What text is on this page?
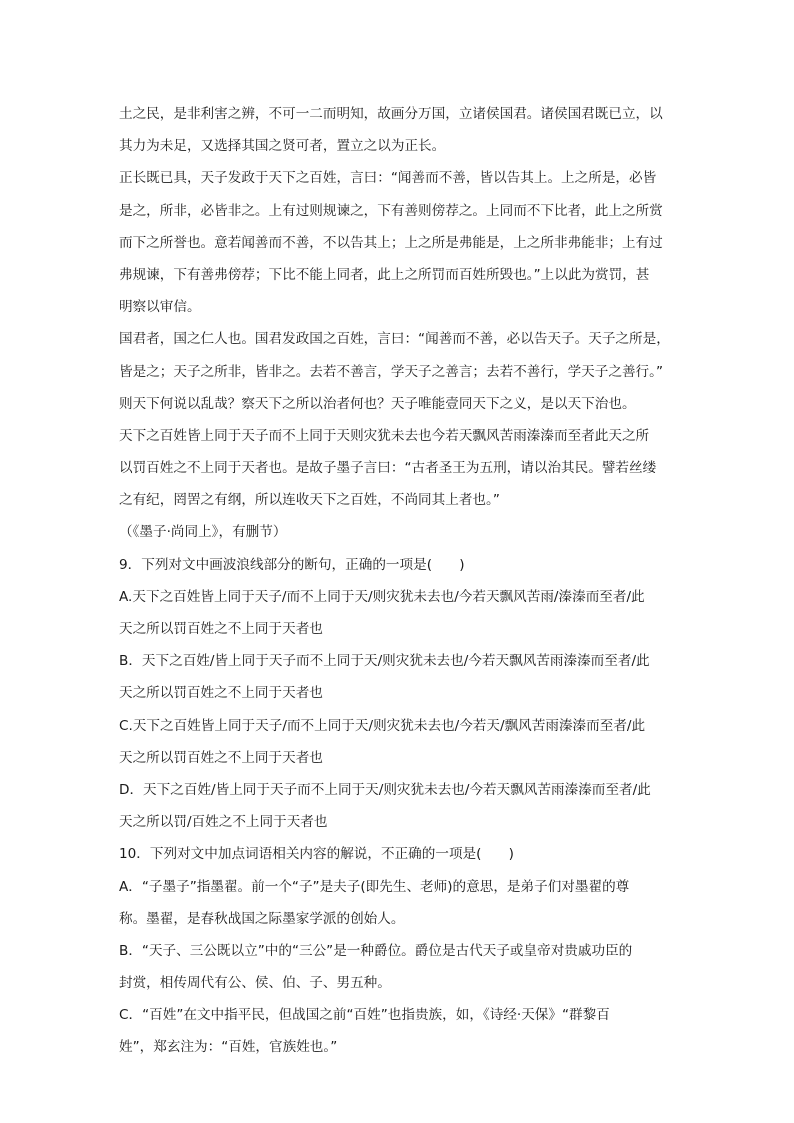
土之民，是非利害之辨，不可一二而明知，故画分万国，立诸侯国君。诸侯国君既已立，以
其力为未足，又选择其国之贤可者，置立之以为正长。
正长既已具，天子发政于天下之百姓，言曰：“闻善而不善，皆以告其上。上之所是，必皆
是之，所非，必皆非之。上有过则规谏之，下有善则傍荐之。上同而不下比者，此上之所赏
而下之所誉也。意若闻善而不善，不以告其上；上之所是弗能是，上之所非弗能非；上有过
弗规谏，下有善弗傍荐；下比不能上同者，此上之所罚而百姓所毁也。”上以此为赏罚，甚
明察以审信。
国君者，国之仁人也。国君发政国之百姓，言曰：“闻善而不善，必以告天子。天子之所是，
皆是之；天子之所非，皆非之。去若不善言，学天子之善言；去若不善行，学天子之善行。”
则天下何说以乱哉？察天下之所以治者何也？天子唯能壹同天下之义，是以天下治也。
天下之百姓皆上同于天子而不上同于天则灾犹未去也今若天飘风苦雨溱溱而至者此天之所
以罚百姓之不上同于天者也。是故子墨子言曰：“古者圣王为五刑，请以治其民。譬若丝缕
之有纪，罔罟之有纲，所以连收天下之百姓，不尚同其上者也。”
（《墨子·尚同上》，有删节）
9．下列对文中画波浪线部分的断句，正确的一项是(　　)
A.天下之百姓皆上同于天子/而不上同于天/则灾犹未去也/今若天飘风苦雨/溱溱而至者/此
天之所以罚百姓之不上同于天者也
B．天下之百姓/皆上同于天子而不上同于天/则灾犹未去也/今若天飘风苦雨溱溱而至者/此
天之所以罚百姓之不上同于天者也
C.天下之百姓皆上同于天子/而不上同于天/则灾犹未去也/今若天/飘风苦雨溱溱而至者/此
天之所以罚百姓之不上同于天者也
D．天下之百姓/皆上同于天子而不上同于天/则灾犹未去也/今若天飘风苦雨溱溱而至者/此
天之所以罚/百姓之不上同于天者也
10．下列对文中加点词语相关内容的解说，不正确的一项是(　　)
A．“子墨子”指墨翟。前一个“子”是夫子(即先生、老师)的意思，是弟子们对墨翟的尊
称。墨翟，是春秋战国之际墨家学派的创始人。
B．“天子、三公既以立”中的“三公”是一种爵位。爵位是古代天子或皇帝对贵戚功臣的
封赏，相传周代有公、侯、伯、子、男五种。
C．“百姓”在文中指平民，但战国之前“百姓”也指贵族，如，《诗经·天保》“群黎百
姓”，郑玄注为：“百姓，官族姓也。”
